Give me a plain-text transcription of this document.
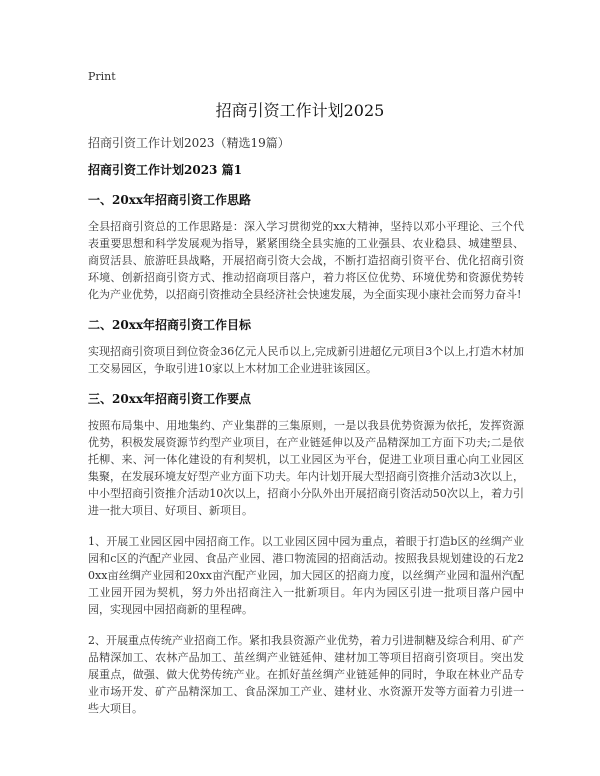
Print
招商引资工作计划2025
招商引资工作计划2023（精选19篇）
招商引资工作计划2023 篇1
一、20xx年招商引资工作思路

全县招商引资总的工作思路是：深入学习贯彻党的xx大精神，坚持以邓小平理论、三个代表重要思想和科学发展观为指导，紧紧围绕全县实施的工业强县、农业稳县、城建塑县、商贸活县、旅游旺县战略，开展招商引资大会战，不断打造招商引资平台、优化招商引资环境、创新招商引资方式、推动招商项目落户，着力将区位优势、环境优势和资源优势转化为产业优势，以招商引资推动全县经济社会快速发展，为全面实现小康社会而努力奋斗!

二、20xx年招商引资工作目标

实现招商引资项目到位资金36亿元人民币以上,完成新引进超亿元项目3个以上,打造木材加工交易园区，争取引进10家以上木材加工企业进驻该园区。

三、20xx年招商引资工作要点

按照布局集中、用地集约、产业集群的三集原则，一是以我县优势资源为依托，发挥资源优势，积极发展资源节约型产业项目，在产业链延伸以及产品精深加工方面下功夫;二是依托柳、来、河一体化建设的有利契机，以工业园区为平台，促进工业项目重心向工业园区集聚，在发展环境友好型产业方面下功夫。年内计划开展大型招商引资推介活动3次以上，中小型招商引资推介活动10次以上，招商小分队外出开展招商引资活动50次以上，着力引进一批大项目、好项目、新项目。

1、开展工业园区园中园招商工作。以工业园区园中园为重点，着眼于打造b区的丝绸产业园和c区的汽配产业园、食品产业园、港口物流园的招商活动。按照我县规划建设的石龙20xx亩丝绸产业园和20xx亩汽配产业园，加大园区的招商力度，以丝绸产业园和温州汽配工业园开园为契机，努力外出招商注入一批新项目。年内为园区引进一批项目落户园中园，实现园中园招商新的里程碑。

2、开展重点传统产业招商工作。紧扣我县资源产业优势，着力引进制糖及综合利用、矿产品精深加工、农林产品加工、茧丝绸产业链延伸、建材加工等项目招商引资项目。突出发展重点，做强、做大优势传统产业。在抓好茧丝绸产业链延伸的同时，争取在林业产品专业市场开发、矿产品精深加工、食品深加工产业、建材业、水资源开发等方面着力引进一些大项目。
